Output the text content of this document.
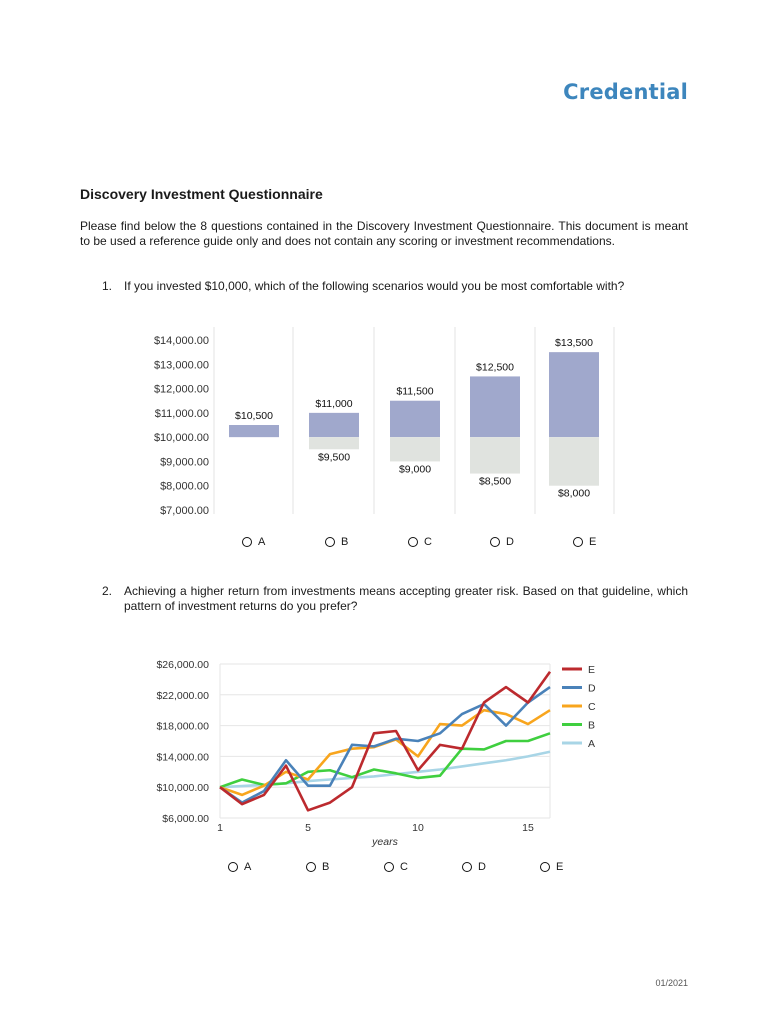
Credential
Discovery Investment Questionnaire
Please find below the 8 questions contained in the Discovery Investment Questionnaire. This document is meant to be used a reference guide only and does not contain any scoring or investment recommendations.
1. If you invested $10,000, which of the following scenarios would you be most comfortable with?
$14,000.00
$13,000.00
$12,000.00
$11,000.00
$10,000.00
$9,000.00
$8,000.00
$7,000.00
$10,500
$11,000
$9,500
$11,500
$9,000
$12,500
$8,500
$13,500
$8,000
A	B	C	D	E
2. Achieving a higher return from investments means accepting greater risk. Based on that guideline, which pattern of investment returns do you prefer?
$26,000.00
$22,000.00
$18,000.00
$14,000.00
$10,000.00
$6,000.00
1	5	10	15
years
E
D
C
B
A
A	B	C	D	E
01/2021
